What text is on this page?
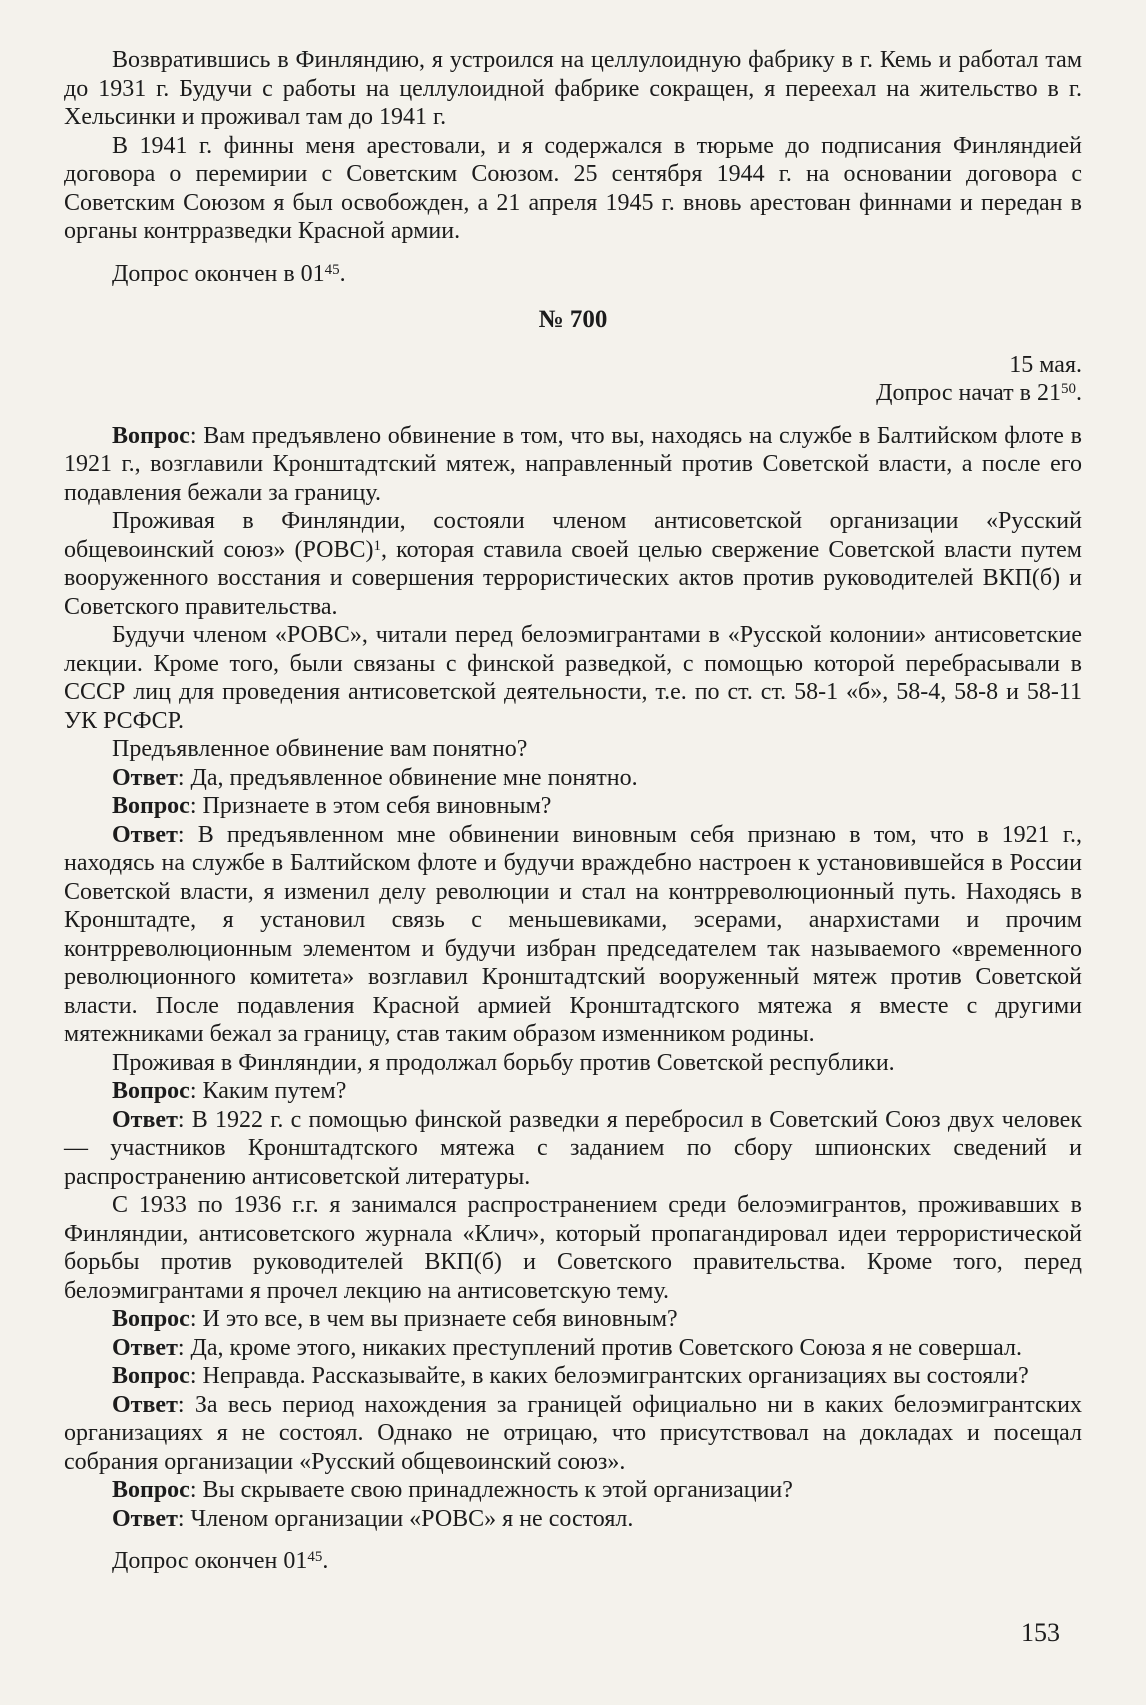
Возвратившись в Финляндию, я устроился на целлулоидную фабрику в г. Кемь и работал там до 1931 г. Будучи с работы на целлулоидной фабрике сокращен, я переехал на жительство в г. Хельсинки и проживал там до 1941 г.

В 1941 г. финны меня арестовали, и я содержался в тюрьме до подписания Финляндией договора о перемирии с Советским Союзом. 25 сентября 1944 г. на основании договора с Советским Союзом я был освобожден, а 21 апреля 1945 г. вновь арестован финнами и передан в органы контрразведки Красной армии.

Допрос окончен в $01^{45}$.

№ 700

15 мая.

Допрос начат в $21^{50}$.

Вопрос: Вам предъявлено обвинение в том, что вы, находясь на службе в Балтийском флоте в 1921 г., возглавили Кронштадтский мятеж, направленный против Советской власти, а после его подавления бежали за границу.

Проживая в Финляндии, состояли членом антисоветской организации «Русский общевоинский союз» (РОВС)$^1$, которая ставила своей целью свержение Советской власти путем вооруженного восстания и совершения террористических актов против руководителей ВКП(б) и Советского правительства.

Будучи членом «РОВС», читали перед белоэмигрантами в «Русской колонии» антисоветские лекции. Кроме того, были связаны с финской разведкой, с помощью которой перебрасывали в СССР лиц для проведения антисоветской деятельности, т.е. по ст. ст. 58-1 «б», 58-4, 58-8 и 58-11 УК РСФСР.

Предъявленное обвинение вам понятно?

Ответ: Да, предъявленное обвинение мне понятно.

Вопрос: Признаете в этом себя виновным?

Ответ: В предъявленном мне обвинении виновным себя признаю в том, что в 1921 г., находясь на службе в Балтийском флоте и будучи враждебно настроен к установившейся в России Советской власти, я изменил делу революции и стал на контрреволюционный путь. Находясь в Кронштадте, я установил связь с меньшевиками, эсерами, анархистами и прочим контрреволюционным элементом и будучи избран председателем так называемого «временного революционного комитета» возглавил Кронштадтский вооруженный мятеж против Советской власти. После подавления Красной армией Кронштадтского мятежа я вместе с другими мятежниками бежал за границу, став таким образом изменником родины.

Проживая в Финляндии, я продолжал борьбу против Советской республики.

Вопрос: Каким путем?

Ответ: В 1922 г. с помощью финской разведки я перебросил в Советский Союз двух человек — участников Кронштадтского мятежа с заданием по сбору шпионских сведений и распространению антисоветской литературы.

С 1933 по 1936 г.г. я занимался распространением среди белоэмигрантов, проживавших в Финляндии, антисоветского журнала «Клич», который пропагандировал идеи террористической борьбы против руководителей ВКП(б) и Советского правительства. Кроме того, перед белоэмигрантами я прочел лекцию на антисоветскую тему.

Вопрос: И это все, в чем вы признаете себя виновным?

Ответ: Да, кроме этого, никаких преступлений против Советского Союза я не совершал.

Вопрос: Неправда. Рассказывайте, в каких белоэмигрантских организациях вы состояли?

Ответ: За весь период нахождения за границей официально ни в каких белоэмигрантских организациях я не состоял. Однако не отрицаю, что присутствовал на докладах и посещал собрания организации «Русский общевоинский союз».

Вопрос: Вы скрываете свою принадлежность к этой организации?

Ответ: Членом организации «РОВС» я не состоял.

Допрос окончен $01^{45}$.

153
